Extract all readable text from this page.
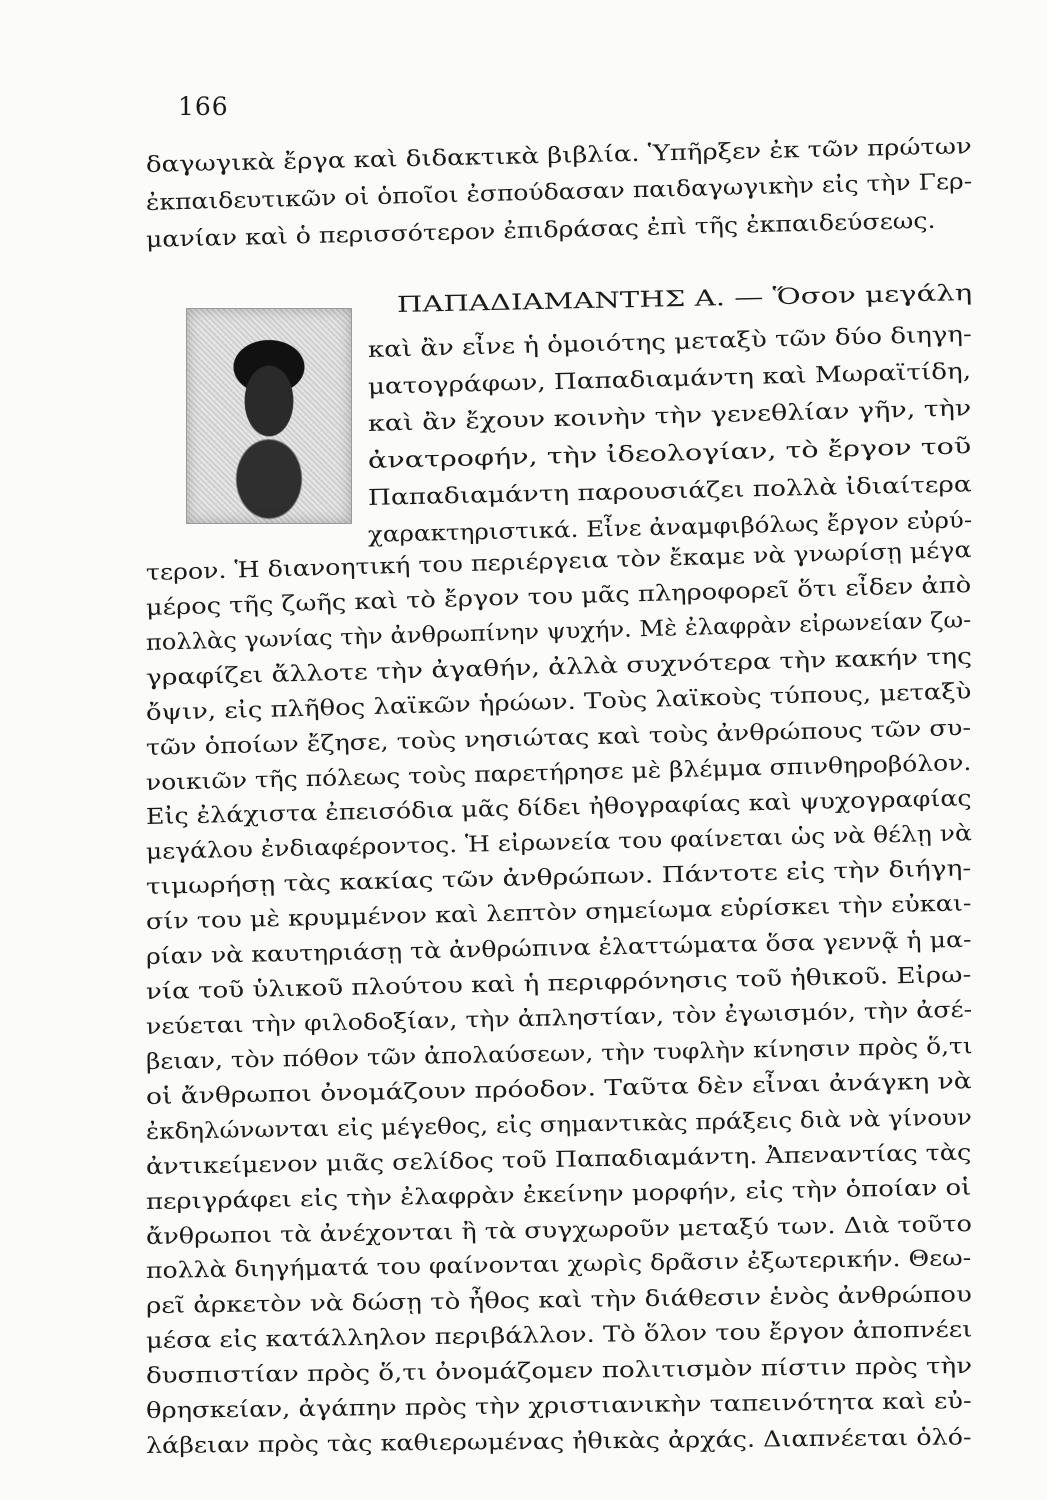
166
δαγωγικὰ ἔργα καὶ διδακτικὰ βιβλία. Ὑπῆρξεν ἐκ τῶν πρώτων
ἐκπαιδευτικῶν οἱ ὁποῖοι ἐσπούδασαν παιδαγωγικὴν εἰς τὴν Γερ-
μανίαν καὶ ὁ περισσότερον ἐπιδράσας ἐπὶ τῆς ἐκπαιδεύσεως.
ΠΑΠΑΔΙΑΜΑΝΤΗΣ Α. — Ὅσον μεγάλη
καὶ ἂν εἶνε ἡ ὁμοιότης μεταξὺ τῶν δύο διηγη-
ματογράφων, Παπαδιαμάντη καὶ Μωραϊτίδη,
καὶ ἂν ἔχουν κοινὴν τὴν γενεθλίαν γῆν, τὴν
ἀνατροφήν, τὴν ἰδεολογίαν, τὸ ἔργον τοῦ
Παπαδιαμάντη παρουσιάζει πολλὰ ἰδιαίτερα
χαρακτηριστικά. Εἶνε ἀναμφιβόλως ἔργον εὐρύ-
τερον. Ἡ διανοητική του περιέργεια τὸν ἔκαμε νὰ γνωρίσῃ μέγα
μέρος τῆς ζωῆς καὶ τὸ ἔργον του μᾶς πληροφορεῖ ὅτι εἶδεν ἀπὸ
πολλὰς γωνίας τὴν ἀνθρωπίνην ψυχήν. Μὲ ἐλαφρὰν εἰρωνείαν ζω-
γραφίζει ἄλλοτε τὴν ἀγαθήν, ἀλλὰ συχνότερα τὴν κακήν της
ὄψιν, εἰς πλῆθος λαϊκῶν ἡρώων. Τοὺς λαϊκοὺς τύπους, μεταξὺ
τῶν ὁποίων ἔζησε, τοὺς νησιώτας καὶ τοὺς ἀνθρώπους τῶν συ-
νοικιῶν τῆς πόλεως τοὺς παρετήρησε μὲ βλέμμα σπινθηροβόλον.
Εἰς ἐλάχιστα ἐπεισόδια μᾶς δίδει ἠθογραφίας καὶ ψυχογραφίας
μεγάλου ἐνδιαφέροντος. Ἡ εἰρωνεία του φαίνεται ὡς νὰ θέλῃ νὰ
τιμωρήσῃ τὰς κακίας τῶν ἀνθρώπων. Πάντοτε εἰς τὴν διήγη-
σίν του μὲ κρυμμένον καὶ λεπτὸν σημείωμα εὑρίσκει τὴν εὐκαι-
ρίαν νὰ καυτηριάσῃ τὰ ἀνθρώπινα ἐλαττώματα ὅσα γεννᾷ ἡ μα-
νία τοῦ ὑλικοῦ πλούτου καὶ ἡ περιφρόνησις τοῦ ἠθικοῦ. Εἰρω-
νεύεται τὴν φιλοδοξίαν, τὴν ἀπληστίαν, τὸν ἐγωισμόν, τὴν ἀσέ-
βειαν, τὸν πόθον τῶν ἀπολαύσεων, τὴν τυφλὴν κίνησιν πρὸς ὅ,τι
οἱ ἄνθρωποι ὀνομάζουν πρόοδον. Ταῦτα δὲν εἶναι ἀνάγκη νὰ
ἐκδηλώνωνται εἰς μέγεθος, εἰς σημαντικὰς πράξεις διὰ νὰ γίνουν
ἀντικείμενον μιᾶς σελίδος τοῦ Παπαδιαμάντη. Ἀπεναντίας τὰς
περιγράφει εἰς τὴν ἐλαφρὰν ἐκείνην μορφήν, εἰς τὴν ὁποίαν οἱ
ἄνθρωποι τὰ ἀνέχονται ἢ τὰ συγχωροῦν μεταξύ των. Διὰ τοῦτο
πολλὰ διηγήματά του φαίνονται χωρὶς δρᾶσιν ἐξωτερικήν. Θεω-
ρεῖ ἀρκετὸν νὰ δώσῃ τὸ ἦθος καὶ τὴν διάθεσιν ἑνὸς ἀνθρώπου
μέσα εἰς κατάλληλον περιβάλλον. Τὸ ὅλον του ἔργον ἀποπνέει
δυσπιστίαν πρὸς ὅ,τι ὀνομάζομεν πολιτισμὸν πίστιν πρὸς τὴν
θρησκείαν, ἀγάπην πρὸς τὴν χριστιανικὴν ταπεινότητα καὶ εὐ-
λάβειαν πρὸς τὰς καθιερωμένας ἠθικὰς ἀρχάς. Διαπνέεται ὁλό-
